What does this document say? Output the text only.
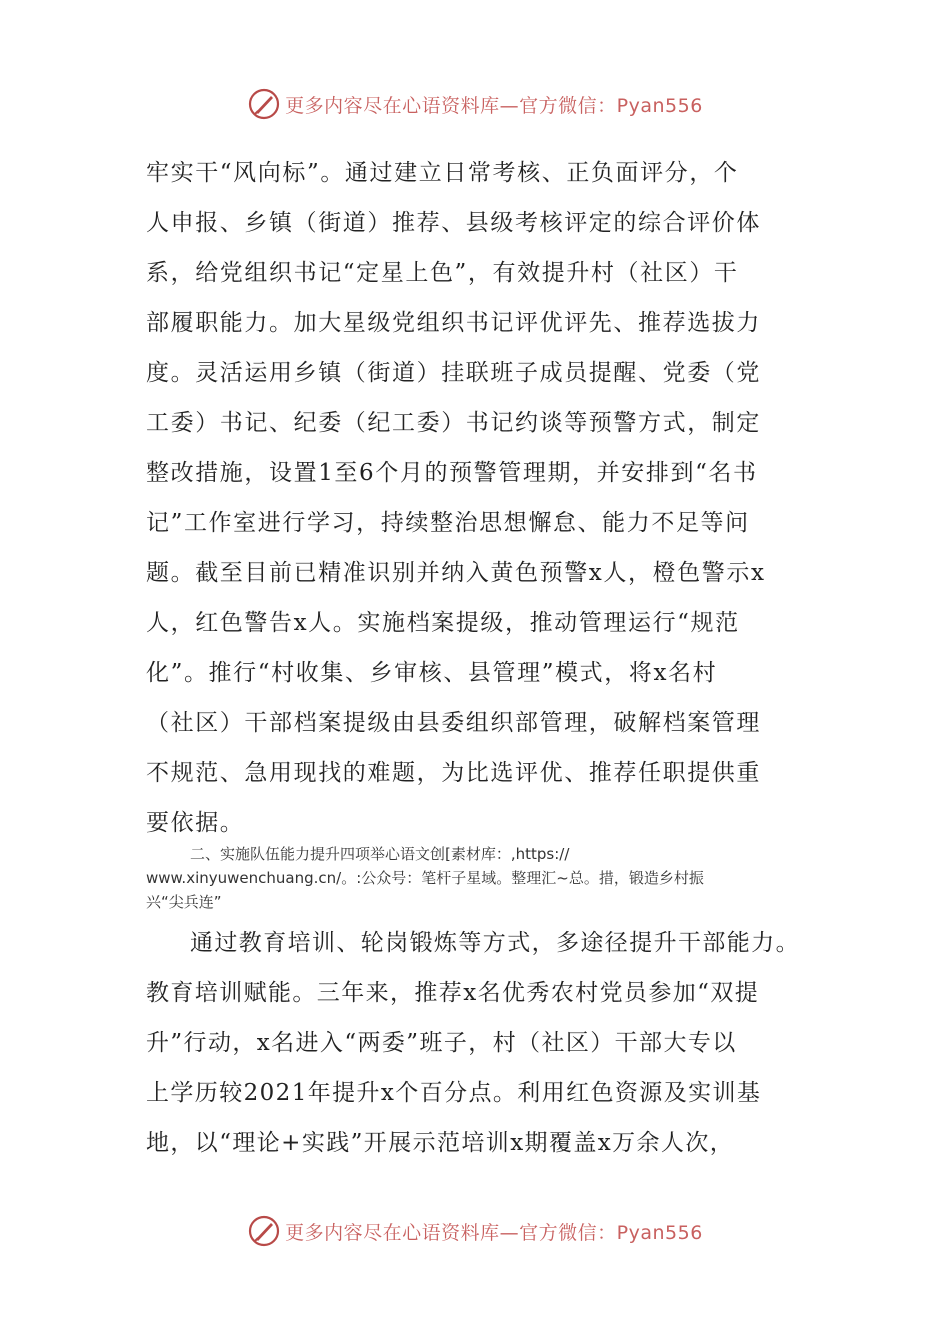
更多内容尽在心语资料库—官方微信：Pyan556
牢实干“风向标”。通过建立日常考核、正负面评分，个
人申报、乡镇（街道）推荐、县级考核评定的综合评价体
系，给党组织书记“定星上色”，有效提升村（社区）干
部履职能力。加大星级党组织书记评优评先、推荐选拔力
度。灵活运用乡镇（街道）挂联班子成员提醒、党委（党
工委）书记、纪委（纪工委）书记约谈等预警方式，制定
整改措施，设置1至6个月的预警管理期，并安排到“名书
记”工作室进行学习，持续整治思想懈怠、能力不足等问
题。截至目前已精准识别并纳入黄色预警x人，橙色警示x
人，红色警告x人。实施档案提级，推动管理运行“规范
化”。推行“村收集、乡审核、县管理”模式，将x名村
（社区）干部档案提级由县委组织部管理，破解档案管理
不规范、急用现找的难题，为比选评优、推荐任职提供重
要依据。
二、实施队伍能力提升四项举心语文创[素材库：,https://
www.xinyuwenchuang.cn/。:公众号：笔杆子星域。整理汇~总。措，锻造乡村振
兴“尖兵连”
通过教育培训、轮岗锻炼等方式，多途径提升干部能力。
教育培训赋能。三年来，推荐x名优秀农村党员参加“双提
升”行动，x名进入“两委”班子，村（社区）干部大专以
上学历较2021年提升x个百分点。利用红色资源及实训基
地，以“理论+实践”开展示范培训x期覆盖x万余人次，
更多内容尽在心语资料库—官方微信：Pyan556
